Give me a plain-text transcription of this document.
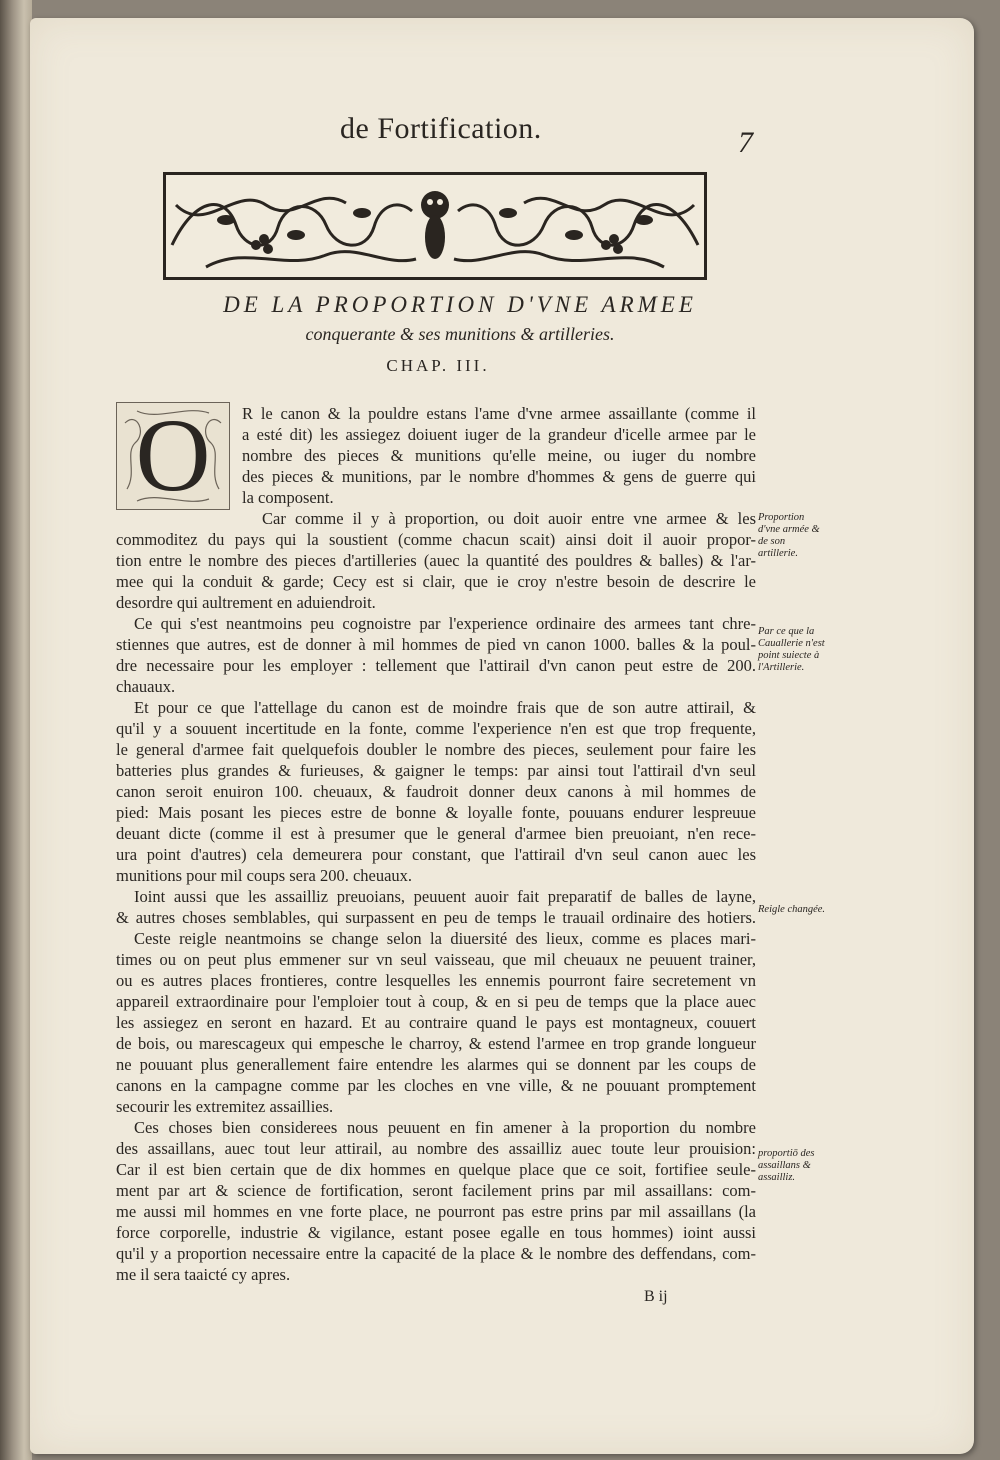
de Fortification.	7
DE LA PROPORTION D'VNE ARMEE
conquerante & ses munitions & artilleries.
CHAP. III.
O	R le canon & la pouldre estans l'ame d'vne armee assaillante (comme il
a esté dit) les assiegez doiuent iuger de la grandeur d'icelle armee par le
nombre des pieces & munitions qu'elle meine, ou iuger du nombre
des pieces & munitions, par le nombre d'hommes & gens de guerre qui
la composent.
Car comme il y à proportion, ou doit auoir entre vne armee & les
commoditez du pays qui la soustient (comme chacun scait) ainsi doit il auoir propor-
tion entre le nombre des pieces d'artilleries (auec la quantité des pouldres & balles) & l'ar-
mee qui la conduit & garde; Cecy est si clair, que ie croy n'estre besoin de descrire le
desordre qui aultrement en aduiendroit.
Ce qui s'est neantmoins peu cognoistre par l'experience ordinaire des armees tant chre-
stiennes que autres, est de donner à mil hommes de pied vn canon 1000. balles & la poul-
dre necessaire pour les employer : tellement que l'attirail d'vn canon peut estre de 200.
chauaux.
Et pour ce que l'attellage du canon est de moindre frais que de son autre attirail, &
qu'il y a souuent incertitude en la fonte, comme l'experience n'en est que trop frequente,
le general d'armee fait quelquefois doubler le nombre des pieces, seulement pour faire les
batteries plus grandes & furieuses, & gaigner le temps: par ainsi tout l'attirail d'vn seul
canon seroit enuiron 100. cheuaux, & faudroit donner deux canons à mil hommes de
pied: Mais posant les pieces estre de bonne & loyalle fonte, pouuans endurer lespreuue
deuant dicte (comme il est à presumer que le general d'armee bien preuoiant, n'en rece-
ura point d'autres) cela demeurera pour constant, que l'attirail d'vn seul canon auec les
munitions pour mil coups sera 200. cheuaux.
Ioint aussi que les assailliz preuoians, peuuent auoir fait preparatif de balles de layne,
& autres choses semblables, qui surpassent en peu de temps le trauail ordinaire des hotiers.
Ceste reigle neantmoins se change selon la diuersité des lieux, comme es places mari-
times ou on peut plus emmener sur vn seul vaisseau, que mil cheuaux ne peuuent trainer,
ou es autres places frontieres, contre lesquelles les ennemis pourront faire secretement vn
appareil extraordinaire pour l'emploier tout à coup, & en si peu de temps que la place auec
les assiegez en seront en hazard. Et au contraire quand le pays est montagneux, couuert
de bois, ou marescageux qui empesche le charroy, & estend l'armee en trop grande longueur
ne pouuant plus generallement faire entendre les alarmes qui se donnent par les coups de
canons en la campagne comme par les cloches en vne ville, & ne pouuant promptement
secourir les extremitez assaillies.
Ces choses bien considerees nous peuuent en fin amener à la proportion du nombre
des assaillans, auec tout leur attirail, au nombre des assailliz auec toute leur prouision:
Car il est bien certain que de dix hommes en quelque place que ce soit, fortifiee seule-
ment par art & science de fortification, seront facilement prins par mil assaillans: com-
me aussi mil hommes en vne forte place, ne pourront pas estre prins par mil assaillans (la
force corporelle, industrie & vigilance, estant posee egalle en tous hommes) ioint aussi
qu'il y a proportion necessaire entre la capacité de la place & le nombre des deffendans, com-
me il sera taaicté cy apres.
Proportion d'vne armée & de son artillerie.
Par ce que la Cauallerie n'est point suiecte à l'Artillerie.
Reigle changée.
proportiō des assaillans & assailliz.
B ij
